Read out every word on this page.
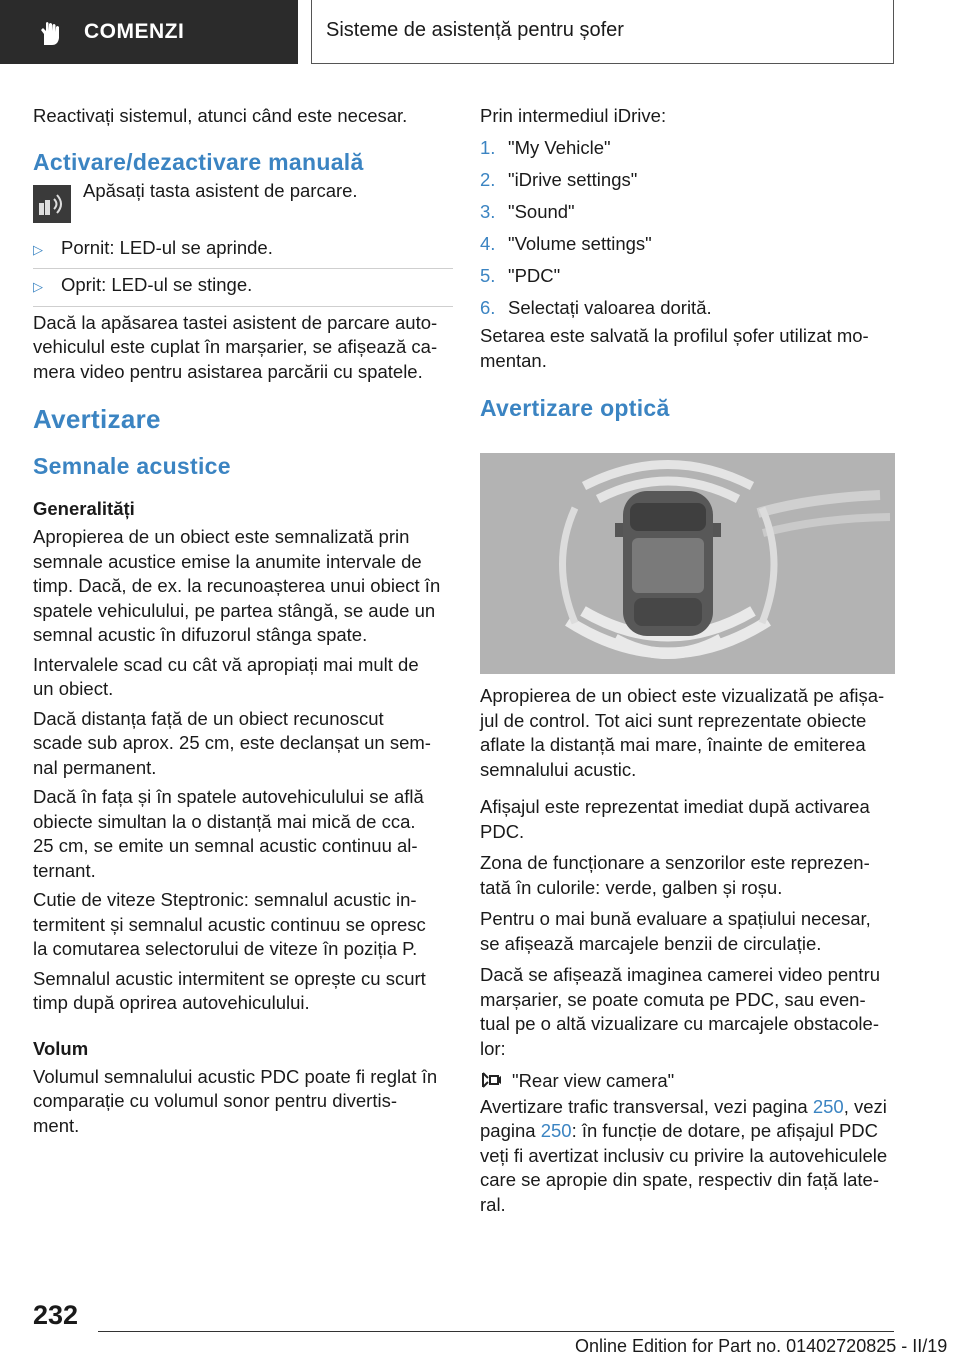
COMENZI	Sisteme de asistență pentru șofer

Reactivați sistemul, atunci când este necesar.

Activare/dezactivare manuală

Apăsați tasta asistent de parcare.

▷ Pornit: LED-ul se aprinde.

▷ Oprit: LED-ul se stinge.

Dacă la apăsarea tastei asistent de parcare auto-
vehiculul este cuplat în marșarier, se afișează ca-
mera video pentru asistarea parcării cu spatele.

Avertizare
Semnale acustice
Generalități

Apropierea de un obiect este semnalizată prin
semnale acustice emise la anumite intervale de
timp. Dacă, de ex. la recunoașterea unui obiect în
spatele vehiculului, pe partea stângă, se aude un
semnal acustic în difuzorul stânga spate.

Intervalele scad cu cât vă apropiați mai mult de
un obiect.

Dacă distanța față de un obiect recunoscut
scade sub aprox. 25 cm, este declanșat un sem-
nal permanent.

Dacă în fața și în spatele autovehiculului se află
obiecte simultan la o distanță mai mică de cca.
25 cm, se emite un semnal acustic continuu al-
ternant.

Cutie de viteze Steptronic: semnalul acustic in-
termitent și semnalul acustic continuu se opresc
la comutarea selectorului de viteze în poziția P.

Semnalul acustic intermitent se oprește cu scurt
timp după oprirea autovehiculului.

Volum

Volumul semnalului acustic PDC poate fi reglat în
comparație cu volumul sonor pentru divertis-
ment.

Prin intermediul iDrive:

1. "My Vehicle"

2. "iDrive settings"

3. "Sound"

4. "Volume settings"

5. "PDC"

6. Selectați valoarea dorită.

Setarea este salvată la profilul șofer utilizat mo-
mentan.

Avertizare optică

Apropierea de un obiect este vizualizată pe afișa-
jul de control. Tot aici sunt reprezentate obiecte
aflate la distanță mai mare, înainte de emiterea
semnalului acustic.

Afișajul este reprezentat imediat după activarea
PDC.

Zona de funcționare a senzorilor este reprezen-
tată în culorile: verde, galben și roșu.

Pentru o mai bună evaluare a spațiului necesar,
se afișează marcajele benzii de circulație.

Dacă se afișează imaginea camerei video pentru
marșarier, se poate comuta pe PDC, sau even-
tual pe o altă vizualizare cu marcajele obstacole-
lor:

"Rear view camera"

Avertizare trafic transversal, vezi pagina 250, vezi
pagina 250: în funcție de dotare, pe afișajul PDC
veți fi avertizat inclusiv cu privire la autovehiculele
care se apropie din spate, respectiv din față late-
ral.

232
Online Edition for Part no. 01402720825 - II/19
